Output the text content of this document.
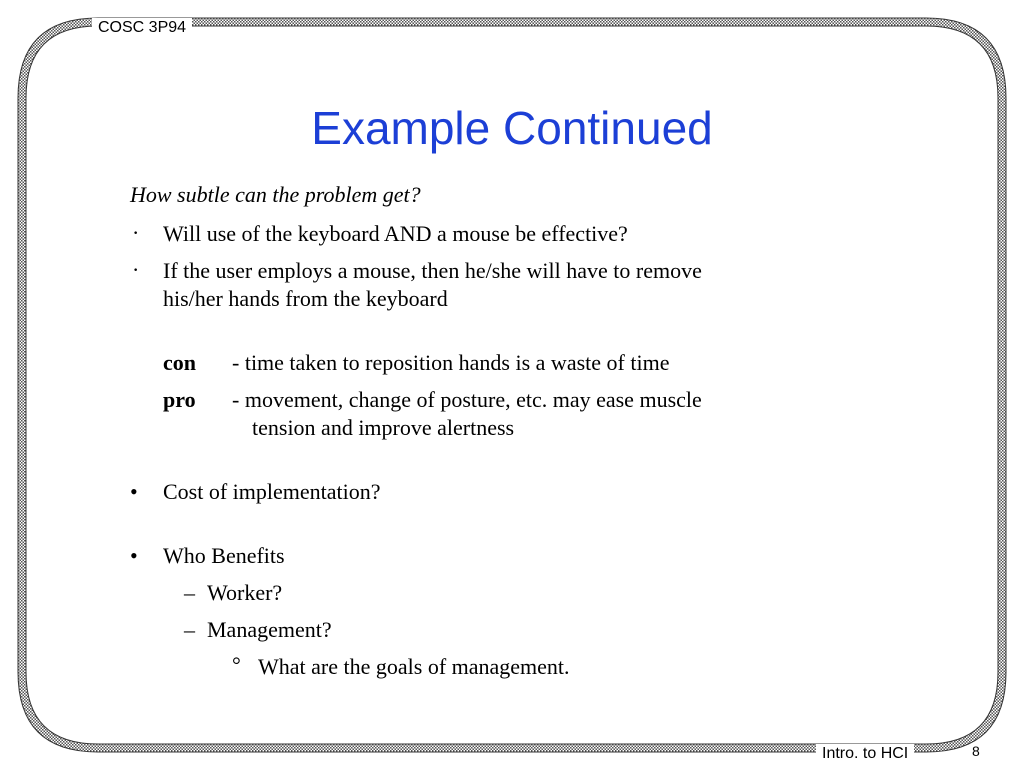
COSC 3P94
Intro. to HCI	8
Example Continued
How subtle can the problem get?
· Will use of the keyboard AND a mouse be effective?
· If the user employs a mouse, then he/she will have to remove
his/her hands from the keyboard
con - time taken to reposition hands is a waste of time
pro - movement, change of posture, etc. may ease muscle
tension and improve alertness
• Cost of implementation?
• Who Benefits
– Worker?
– Management?
° What are the goals of management.
